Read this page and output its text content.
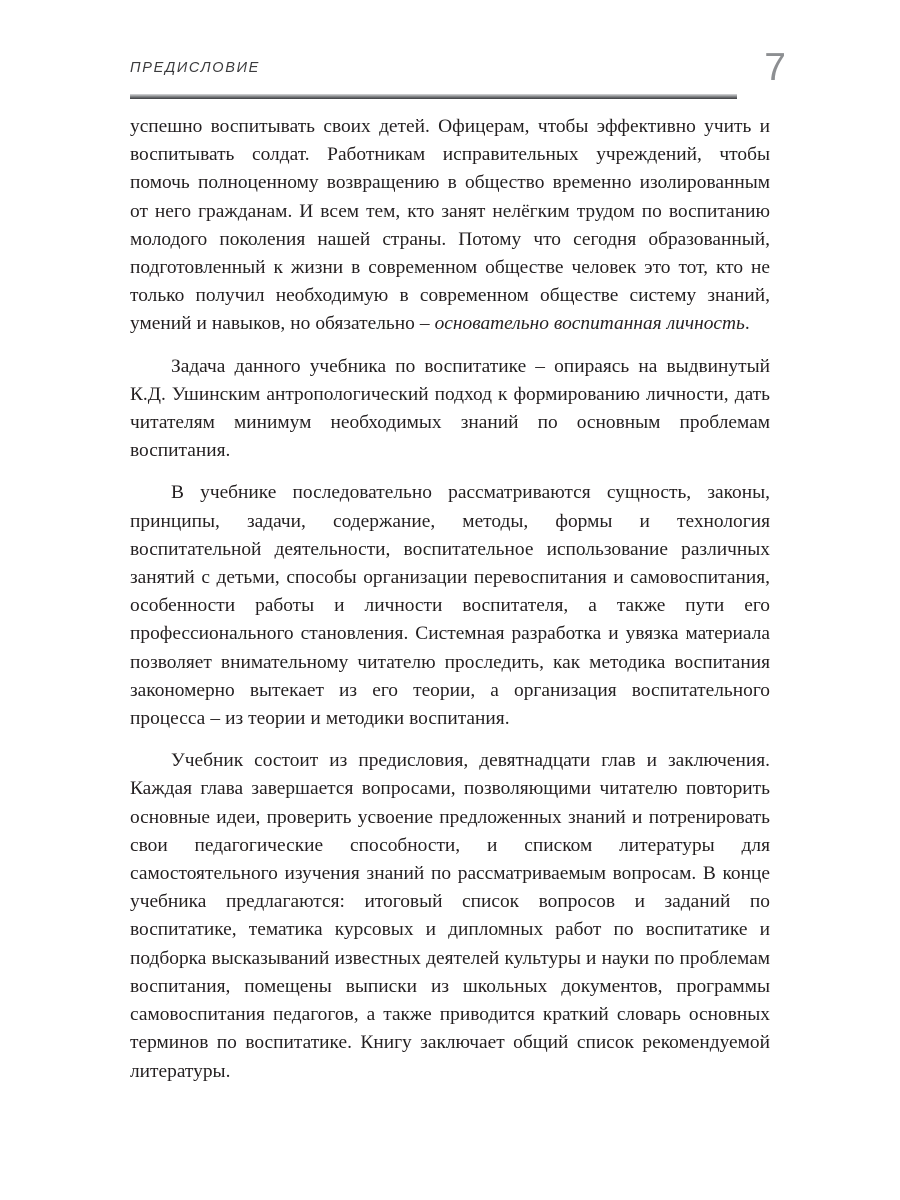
ПРЕДИСЛОВИЕ	7

успешно воспитывать своих детей. Офицерам, чтобы эффективно учить и воспитывать солдат. Работникам исправительных учреждений, чтобы помочь полноценному возвращению в общество временно изолированным от него гражданам. И всем тем, кто занят нелёгким трудом по воспитанию молодого поколения нашей страны. Потому что сегодня образованный, подготовленный к жизни в современном обществе человек это тот, кто не только получил необходимую в современном обществе систему знаний, умений и навыков, но обязательно – основательно воспитанная личность.

Задача данного учебника по воспитатике – опираясь на выдвинутый К.Д. Ушинским антропологический подход к формированию личности, дать читателям минимум необходимых знаний по основным проблемам воспитания.

В учебнике последовательно рассматриваются сущность, законы, принципы, задачи, содержание, методы, формы и технология воспитательной деятельности, воспитательное использование различных занятий с детьми, способы организации перевоспитания и самовоспитания, особенности работы и личности воспитателя, а также пути его профессионального становления. Системная разработка и увязка материала позволяет внимательному читателю проследить, как методика воспитания закономерно вытекает из его теории, а организация воспитательного процесса – из теории и методики воспитания.

Учебник состоит из предисловия, девятнадцати глав и заключения. Каждая глава завершается вопросами, позволяющими читателю повторить основные идеи, проверить усвоение предложенных знаний и потренировать свои педагогические способности, и списком литературы для самостоятельного изучения знаний по рассматриваемым вопросам. В конце учебника предлагаются: итоговый список вопросов и заданий по воспитатике, тематика курсовых и дипломных работ по воспитатике и подборка высказываний известных деятелей культуры и науки по проблемам воспитания, помещены выписки из школьных документов, программы самовоспитания педагогов, а также приводится краткий словарь основных терминов по воспитатике. Книгу заключает общий список рекомендуемой литературы.
